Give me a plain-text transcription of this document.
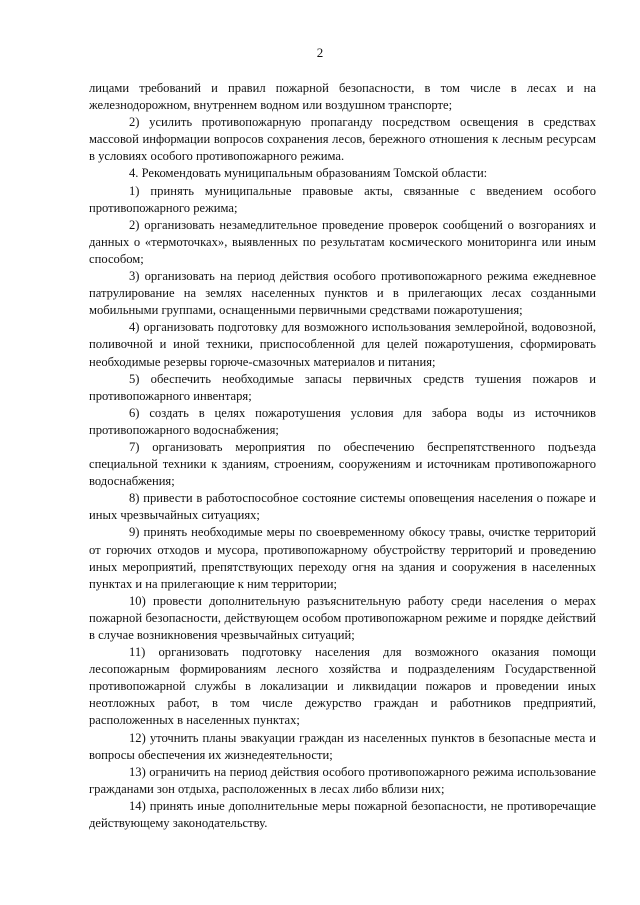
2

лицами требований и правил пожарной безопасности, в том числе в лесах и на железнодорожном, внутреннем водном или воздушном транспорте;

2) усилить противопожарную пропаганду посредством освещения в средствах массовой информации вопросов сохранения лесов, бережного отношения к лесным ресурсам в условиях особого противопожарного режима.

4. Рекомендовать муниципальным образованиям Томской области:

1) принять муниципальные правовые акты, связанные с введением особого противопожарного режима;

2) организовать незамедлительное проведение проверок сообщений о возгораниях и данных о «термоточках», выявленных по результатам космического мониторинга или иным способом;

3) организовать на период действия особого противопожарного режима ежедневное патрулирование на землях населенных пунктов и в прилегающих лесах созданными мобильными группами, оснащенными первичными средствами пожаротушения;

4) организовать подготовку для возможного использования землеройной, водовозной, поливочной и иной техники, приспособленной для целей пожаротушения, сформировать необходимые резервы горюче-смазочных материалов и питания;

5) обеспечить необходимые запасы первичных средств тушения пожаров и противопожарного инвентаря;

6) создать в целях пожаротушения условия для забора воды из источников противопожарного водоснабжения;

7) организовать мероприятия по обеспечению беспрепятственного подъезда специальной техники к зданиям, строениям, сооружениям и источникам противопожарного водоснабжения;

8) привести в работоспособное состояние системы оповещения населения о пожаре и иных чрезвычайных ситуациях;

9) принять необходимые меры по своевременному обкосу травы, очистке территорий от горючих отходов и мусора, противопожарному обустройству территорий и проведению иных мероприятий, препятствующих переходу огня на здания и сооружения в населенных пунктах и на прилегающие к ним территории;

10) провести дополнительную разъяснительную работу среди населения о мерах пожарной безопасности, действующем особом противопожарном режиме и порядке действий в случае возникновения чрезвычайных ситуаций;

11) организовать подготовку населения для возможного оказания помощи лесопожарным формированиям лесного хозяйства и подразделениям Государственной противопожарной службы в локализации и ликвидации пожаров и проведении иных неотложных работ, в том числе дежурство граждан и работников предприятий, расположенных в населенных пунктах;

12) уточнить планы эвакуации граждан из населенных пунктов в безопасные места и вопросы обеспечения их жизнедеятельности;

13) ограничить на период действия особого противопожарного режима использование гражданами зон отдыха, расположенных в лесах либо вблизи них;

14) принять иные дополнительные меры пожарной безопасности, не противоречащие действующему законодательству.
